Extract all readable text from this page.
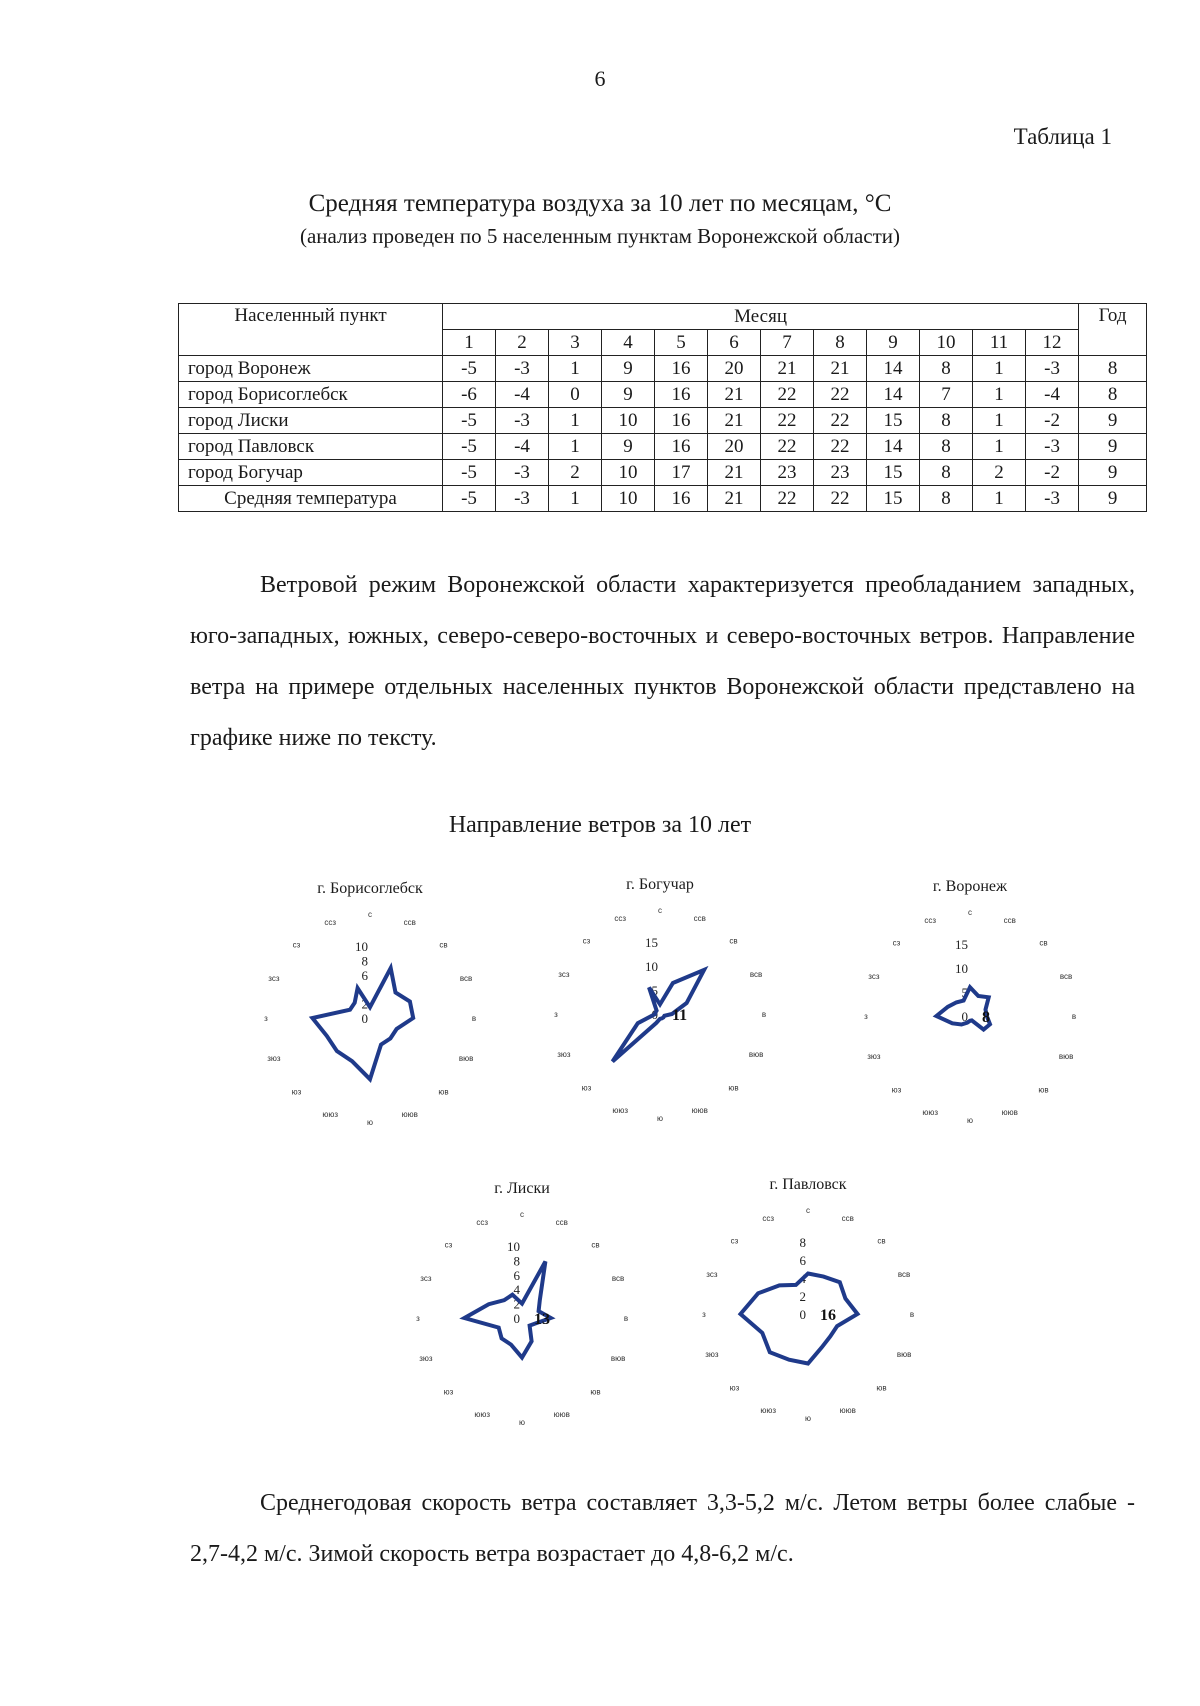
6
Таблица 1
Средняя температура воздуха за 10 лет по месяцам, °С
(анализ проведен по 5 населенным пунктам Воронежской области)
Населенный пункт	Месяц												Год
	1	2	3	4	5	6	7	8	9	10	11	12	
город Воронеж	-5	-3	1	9	16	20	21	21	14	8	1	-3	8
город Борисоглебск	-6	-4	0	9	16	21	22	22	14	7	1	-4	8
город Лиски	-5	-3	1	10	16	21	22	22	15	8	1	-2	9
город Павловск	-5	-4	1	9	16	20	22	22	14	8	1	-3	9
город Богучар	-5	-3	2	10	17	21	23	23	15	8	2	-2	9
Средняя температура	-5	-3	1	10	16	21	22	22	15	8	1	-3	9

Ветровой режим Воронежской области характеризуется преобладанием западных, юго-западных, южных, северо-северо-восточных и северо-восточных ветров. Направление ветра на примере отдельных населенных пунктов Воронежской области представлено на графике ниже по тексту.

Направление ветров за 10 лет
г. Борисоглебск
с
ссв
св
всв
в
вюв
юв
ююв
ю
ююз
юз
зюз
з
зсз
сз
ссз
0
2
6
8
10
г. Богучар
с
ссв
св
всв
в
вюв
юв
ююв
ю
ююз
юз
зюз
з
зсз
сз
ссз
0
5
10
15
11
г. Воронеж
с
ссв
св
всв
в
вюв
юв
ююв
ю
ююз
юз
зюз
з
зсз
сз
ссз
0
5
10
15
8
г. Лиски
с
ссв
св
всв
в
вюв
юв
ююв
ю
ююз
юз
зюз
з
зсз
сз
ссз
0
2
4
6
8
10
13
г. Павловск
с
ссв
св
всв
в
вюв
юв
ююв
ю
ююз
юз
зюз
з
зсз
сз
ссз
0
2
4
6
8
16

Среднегодовая скорость ветра составляет 3,3-5,2 м/с. Летом ветры более слабые - 2,7-4,2 м/с. Зимой скорость ветра возрастает до 4,8-6,2 м/с.
